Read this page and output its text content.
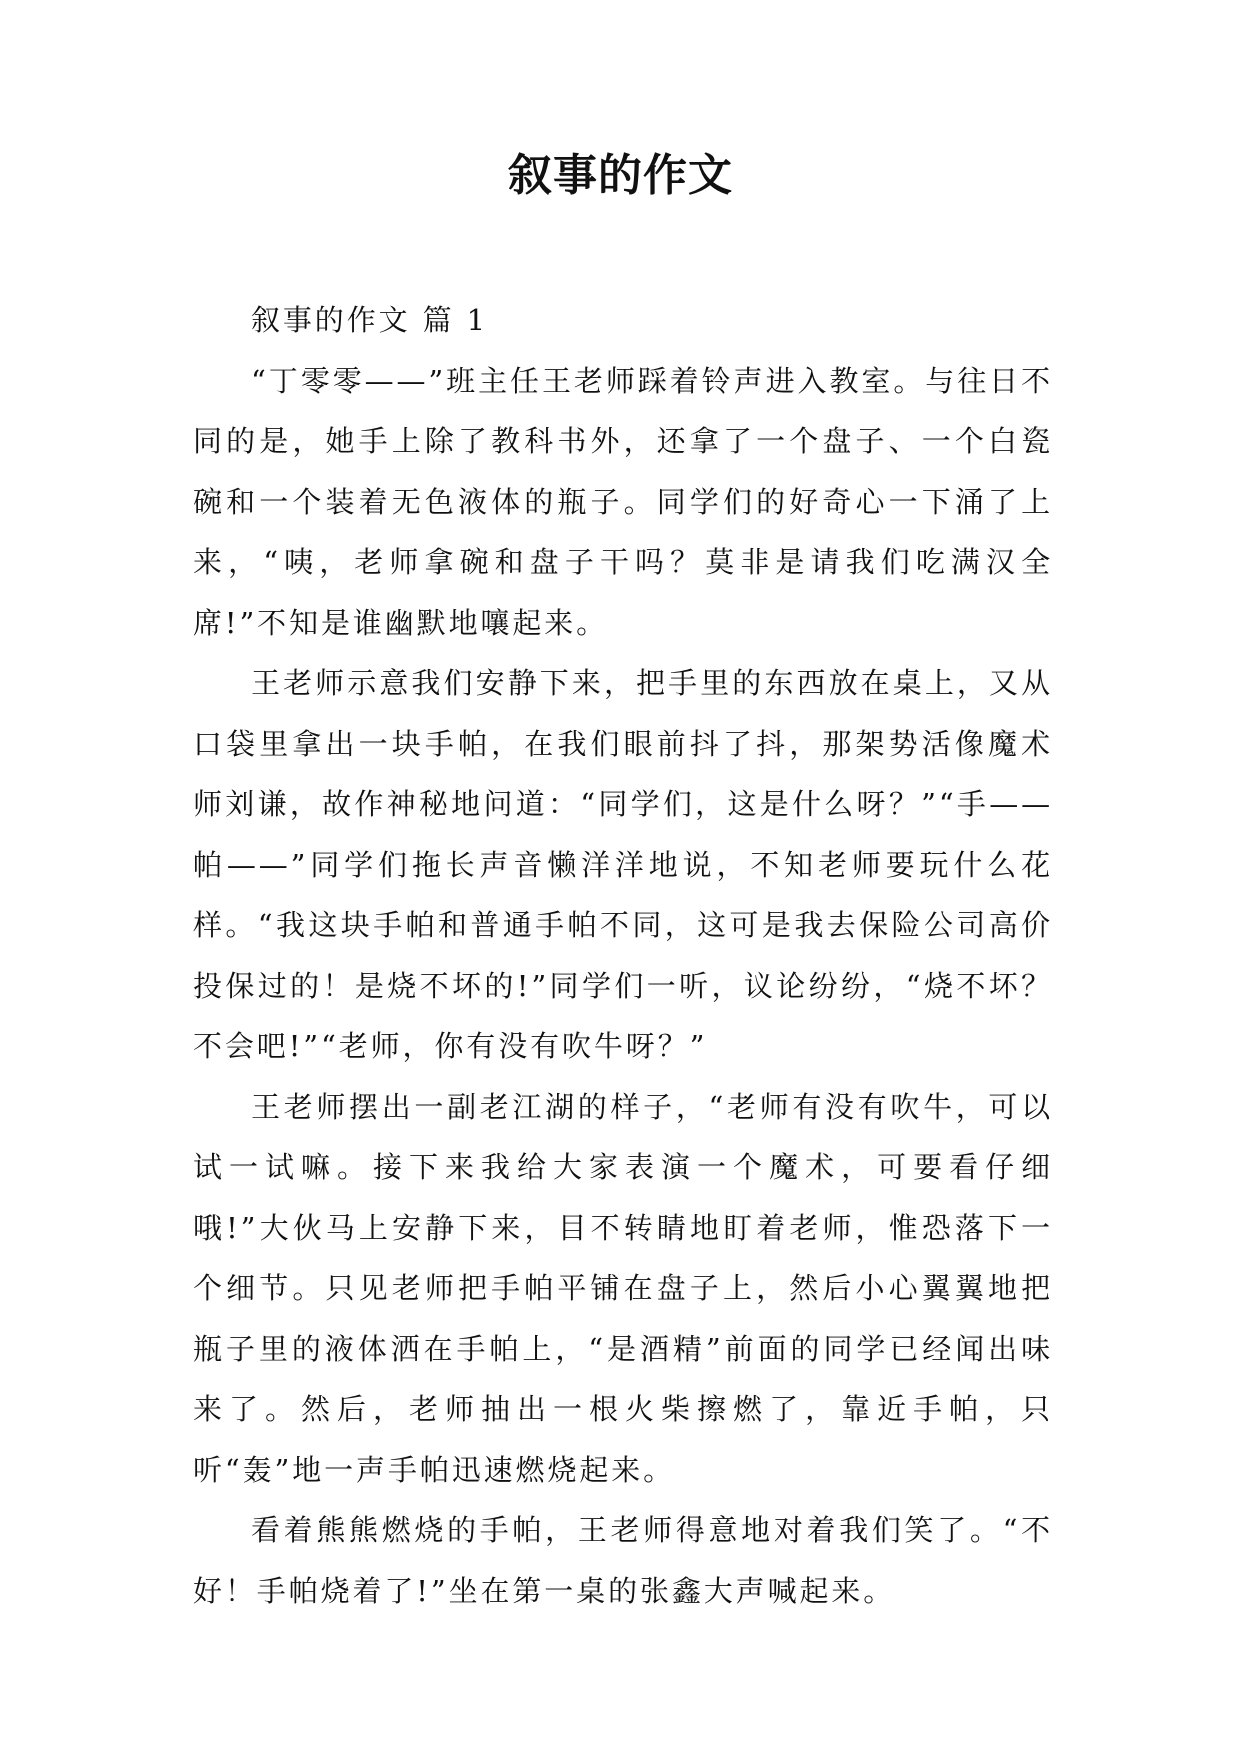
叙事的作文

叙事的作文 篇 1

“丁零零——”班主任王老师踩着铃声进入教室。与往日不同的是，她手上除了教科书外，还拿了一个盘子、一个白瓷碗和一个装着无色液体的瓶子。同学们的好奇心一下涌了上来，“咦，老师拿碗和盘子干吗？莫非是请我们吃满汉全席!”不知是谁幽默地嚷起来。

王老师示意我们安静下来，把手里的东西放在桌上，又从口袋里拿出一块手帕，在我们眼前抖了抖，那架势活像魔术师刘谦，故作神秘地问道：“同学们，这是什么呀？”“手——帕——”同学们拖长声音懒洋洋地说，不知老师要玩什么花样。“我这块手帕和普通手帕不同，这可是我去保险公司高价投保过的！是烧不坏的!”同学们一听，议论纷纷，“烧不坏？不会吧!”“老师，你有没有吹牛呀？”

王老师摆出一副老江湖的样子，“老师有没有吹牛，可以试一试嘛。接下来我给大家表演一个魔术，可要看仔细哦!”大伙马上安静下来，目不转睛地盯着老师，惟恐落下一个细节。只见老师把手帕平铺在盘子上，然后小心翼翼地把瓶子里的液体洒在手帕上，“是酒精”前面的同学已经闻出味来了。然后，老师抽出一根火柴擦燃了，靠近手帕，只听“轰”地一声手帕迅速燃烧起来。

看着熊熊燃烧的手帕，王老师得意地对着我们笑了。“不好！手帕烧着了!”坐在第一桌的张鑫大声喊起来。
